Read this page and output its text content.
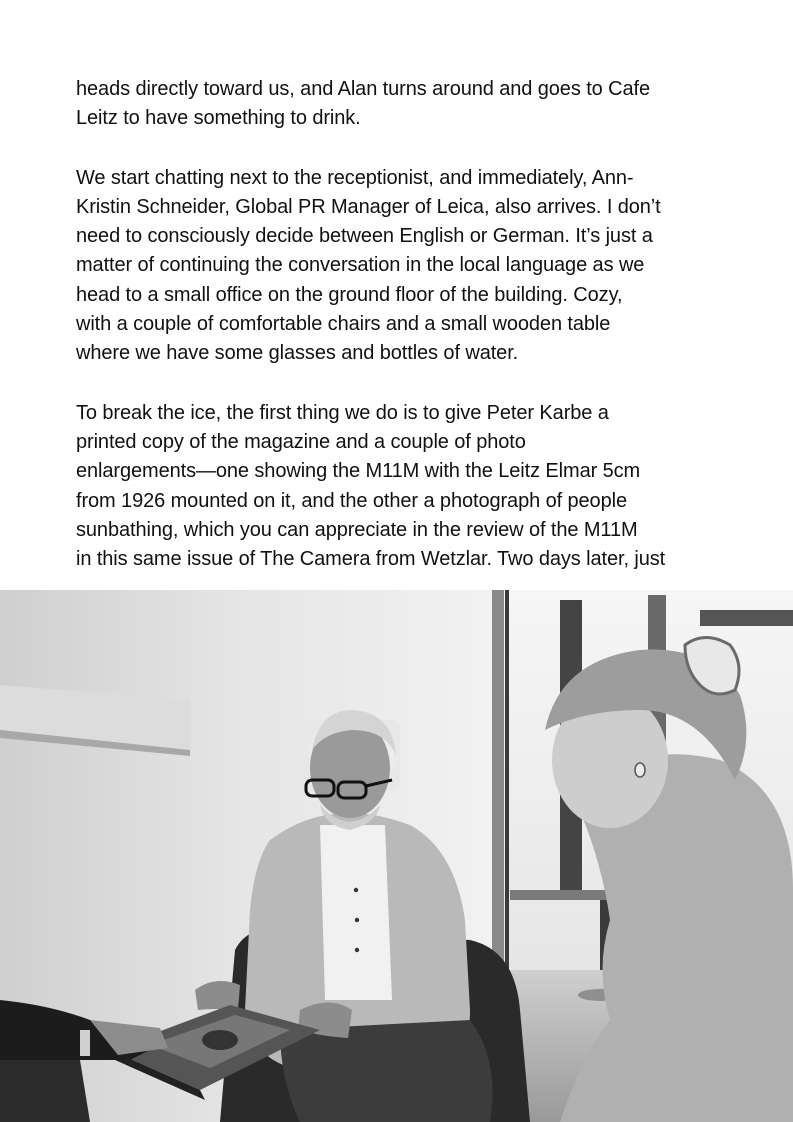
heads directly toward us, and Alan turns around and goes to Cafe
Leitz to have something to drink.

We start chatting next to the receptionist, and immediately, Ann-
Kristin Schneider, Global PR Manager of Leica, also arrives. I don’t
need to consciously decide between English or German. It’s just a
matter of continuing the conversation in the local language as we
head to a small office on the ground floor of the building. Cozy,
with a couple of comfortable chairs and a small wooden table
where we have some glasses and bottles of water.

To break the ice, the first thing we do is to give Peter Karbe a
printed copy of the magazine and a couple of photo
enlargements—one showing the M11M with the Leitz Elmar 5cm
from 1926 mounted on it, and the other a photograph of people
sunbathing, which you can appreciate in the review of the M11M
in this same issue of The Camera from Wetzlar. Two days later, just
